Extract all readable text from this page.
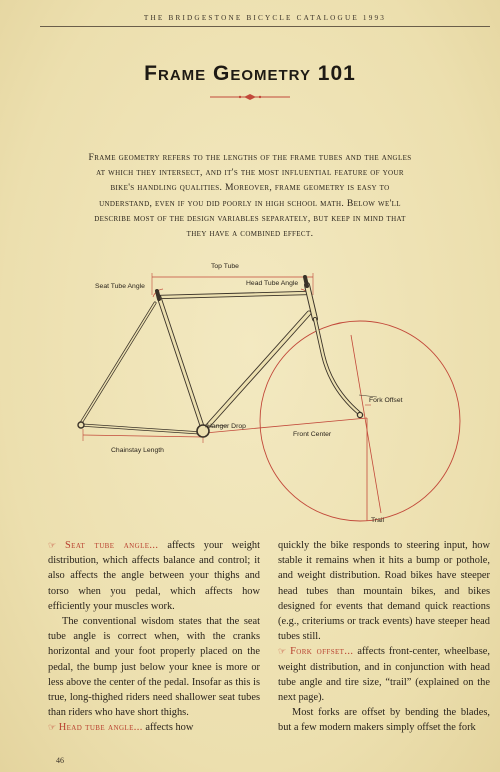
THE BRIDGESTONE BICYCLE CATALOGUE 1993
Frame Geometry 101
Frame geometry refers to the lengths of the frame tubes and the angles at which they intersect, and it's the most influential feature of your bike's handling qualities. Moreover, frame geometry is easy to understand, even if you did poorly in high school math. Below we'll describe most of the design variables separately, but keep in mind that they have a combined effect.
Top Tube
Seat Tube Angle	Head Tube Angle
Fork Offset
Hanger Drop
Front Center
Chainstay Length
Trail

☞ Seat tube angle... affects your weight distribution, which affects balance and control; it also affects the angle between your thighs and torso when you pedal, which affects how efficiently your muscles work.

The conventional wisdom states that the seat tube angle is correct when, with the cranks horizontal and your foot properly placed on the pedal, the bump just below your knee is more or less above the center of the pedal. Insofar as this is true, long-thighed riders need shallower seat tubes than riders who have short thighs.

☞ Head tube angle... affects how

quickly the bike responds to steering input, how stable it remains when it hits a bump or pothole, and weight distribution. Road bikes have steeper head tubes than mountain bikes, and bikes designed for events that demand quick reactions (e.g., criteriums or track events) have steeper head tubes still.

☞ Fork offset... affects front-center, wheelbase, weight distribution, and in conjunction with head tube angle and tire size, “trail” (explained on the next page).

Most forks are offset by bending the blades, but a few modern makers simply offset the fork

46
